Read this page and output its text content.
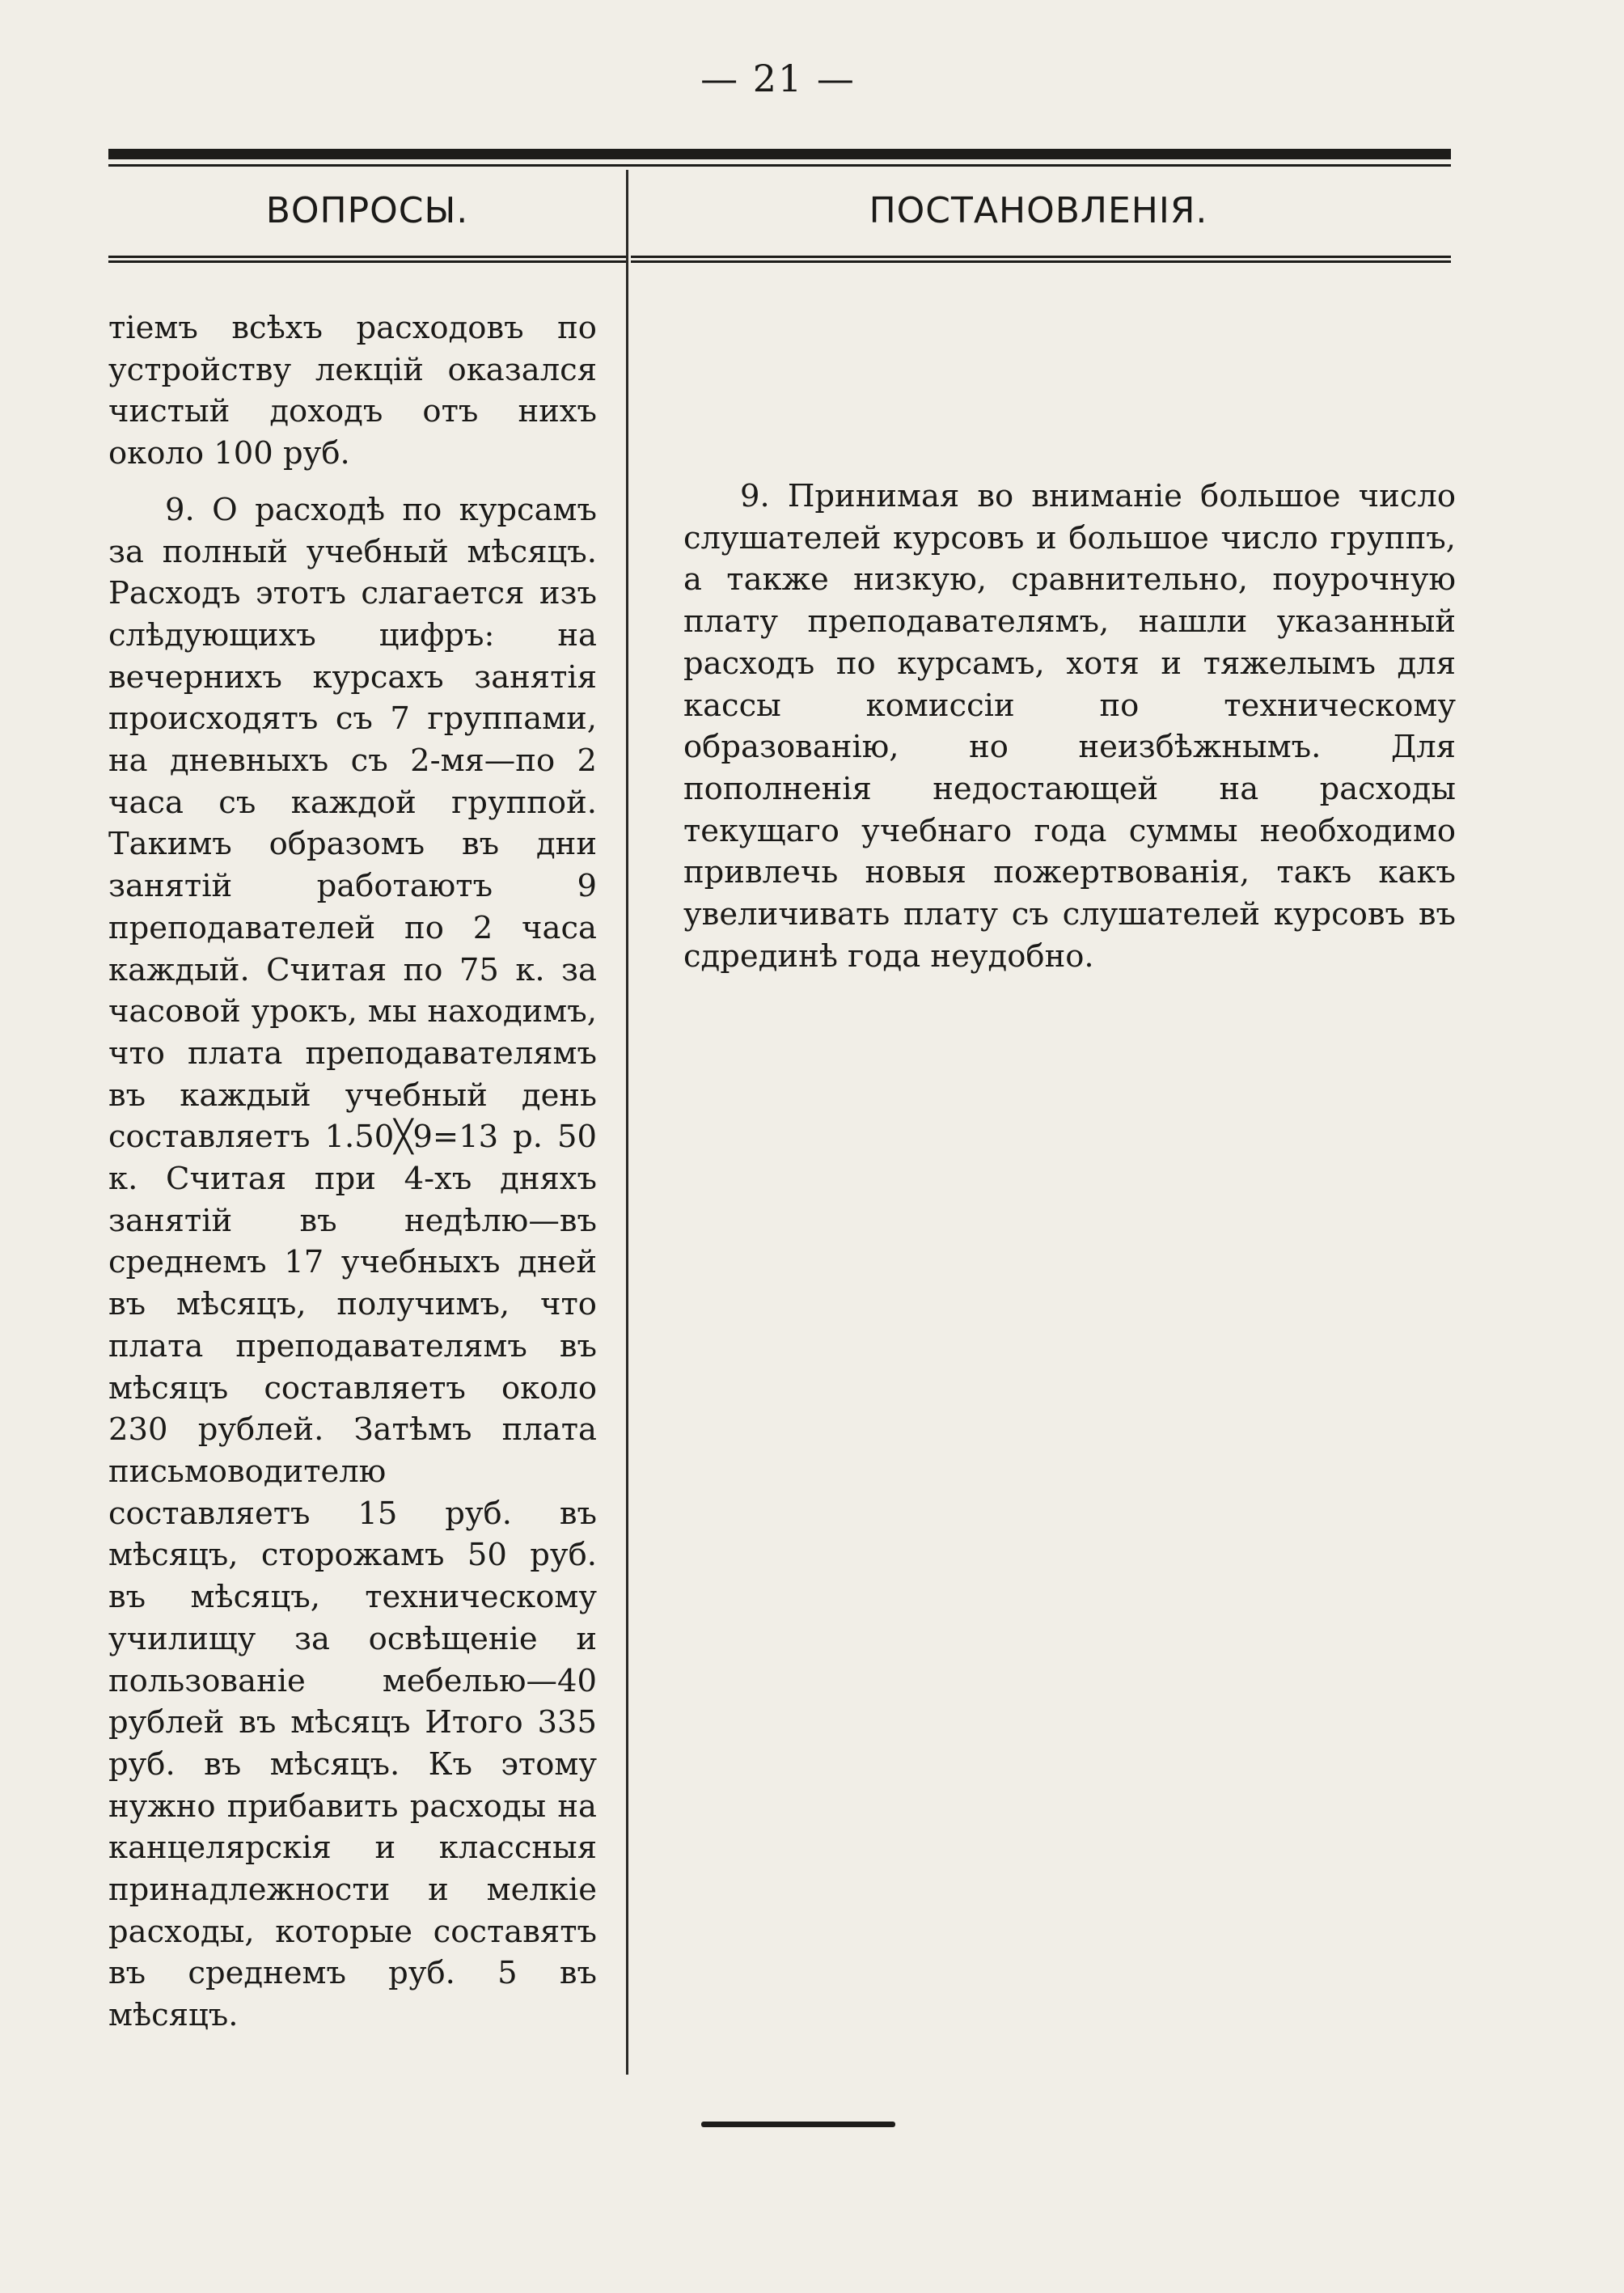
— 21 —
ВОПРОСЫ.	ПОСТАНОВЛЕНІЯ.

тіемъ всѣхъ расходовъ по устройству лекцій оказался чистый доходъ отъ нихъ около 100 руб.

9. О расходѣ по курсамъ за полный учебный мѣсяцъ. Расходъ этотъ слагается изъ слѣдующихъ цифръ: на вечернихъ курсахъ занятія происходятъ съ 7 группами, на дневныхъ съ 2-мя—по 2 часа съ каждой группой. Такимъ образомъ въ дни занятій работаютъ 9 преподавателей по 2 часа каждый. Считая по 75 к. за часовой урокъ, мы находимъ, что плата преподавателямъ въ каждый учебный день составляетъ 1.50╳9=13 р. 50 к. Считая при 4-хъ дняхъ занятій въ недѣлю—въ среднемъ 17 учебныхъ дней въ мѣсяцъ, получимъ, что плата преподавателямъ въ мѣсяцъ составляетъ около 230 рублей. Затѣмъ плата письмоводителю составляетъ 15 руб. въ мѣсяцъ, сторожамъ 50 руб. въ мѣсяцъ, техническому училищу за освѣщеніе и пользованіе мебелью—40 рублей въ мѣсяцъ Итого 335 руб. въ мѣсяцъ. Къ этому нужно прибавить расходы на канцелярскія и классныя принадлежности и мелкіе расходы, которые составятъ въ среднемъ руб. 5 въ мѣсяцъ.

9. Принимая во вниманіе большое число слушателей курсовъ и большое число группъ, а также низкую, сравнительно, поурочную плату преподавателямъ, нашли указанный расходъ по курсамъ, хотя и тяжелымъ для кассы комиссіи по техническому образованію, но неизбѣжнымъ. Для пополненія недостающей на расходы текущаго учебнаго года суммы необходимо привлечь новыя пожертвованія, такъ какъ увеличивать плату съ слушателей курсовъ въ сдрединѣ года неудобно.
